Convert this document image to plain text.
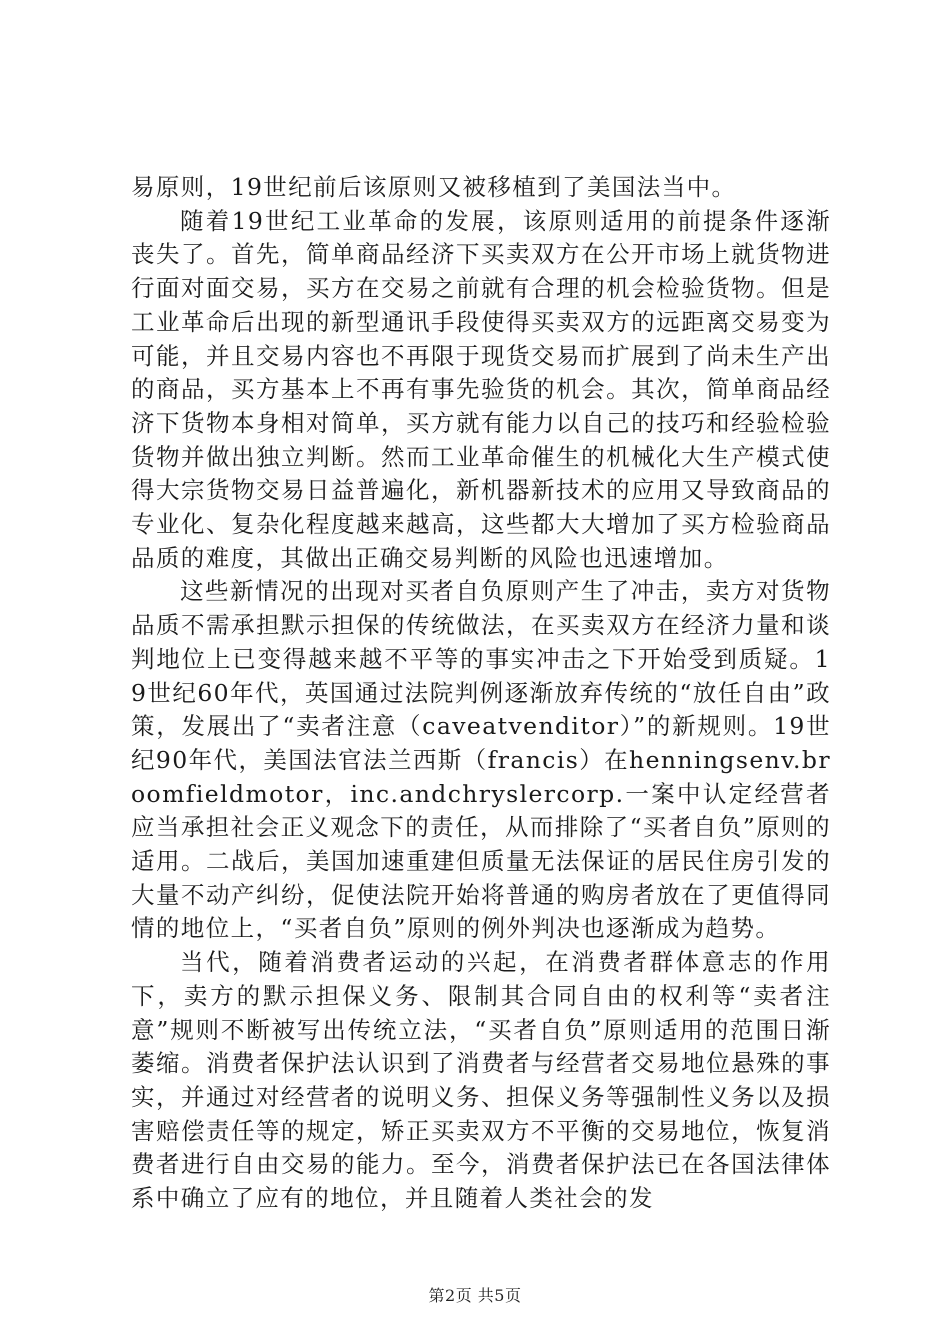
易原则，19世纪前后该原则又被移植到了美国法当中。

随着19世纪工业革命的发展，该原则适用的前提条件逐渐丧失了。首先，简单商品经济下买卖双方在公开市场上就货物进行面对面交易，买方在交易之前就有合理的机会检验货物。但是工业革命后出现的新型通讯手段使得买卖双方的远距离交易变为可能，并且交易内容也不再限于现货交易而扩展到了尚未生产出的商品，买方基本上不再有事先验货的机会。其次，简单商品经济下货物本身相对简单，买方就有能力以自己的技巧和经验检验货物并做出独立判断。然而工业革命催生的机械化大生产模式使得大宗货物交易日益普遍化，新机器新技术的应用又导致商品的专业化、复杂化程度越来越高，这些都大大增加了买方检验商品品质的难度，其做出正确交易判断的风险也迅速增加。

这些新情况的出现对买者自负原则产生了冲击，卖方对货物品质不需承担默示担保的传统做法，在买卖双方在经济力量和谈判地位上已变得越来越不平等的事实冲击之下开始受到质疑。19世纪60年代，英国通过法院判例逐渐放弃传统的“放任自由”政策，发展出了“卖者注意（caveatvenditor）”的新规则。19世纪90年代，美国法官法兰西斯（francis）在henningsenv.broomfieldmotor，inc.andchryslercorp.一案中认定经营者应当承担社会正义观念下的责任，从而排除了“买者自负”原则的适用。二战后，美国加速重建但质量无法保证的居民住房引发的大量不动产纠纷，促使法院开始将普通的购房者放在了更值得同情的地位上，“买者自负”原则的例外判决也逐渐成为趋势。

当代，随着消费者运动的兴起，在消费者群体意志的作用下，卖方的默示担保义务、限制其合同自由的权利等“卖者注意”规则不断被写出传统立法，“买者自负”原则适用的范围日渐萎缩。消费者保护法认识到了消费者与经营者交易地位悬殊的事实，并通过对经营者的说明义务、担保义务等强制性义务以及损害赔偿责任等的规定，矫正买卖双方不平衡的交易地位，恢复消费者进行自由交易的能力。至今，消费者保护法已在各国法律体系中确立了应有的地位，并且随着人类社会的发

第2页 共5页
